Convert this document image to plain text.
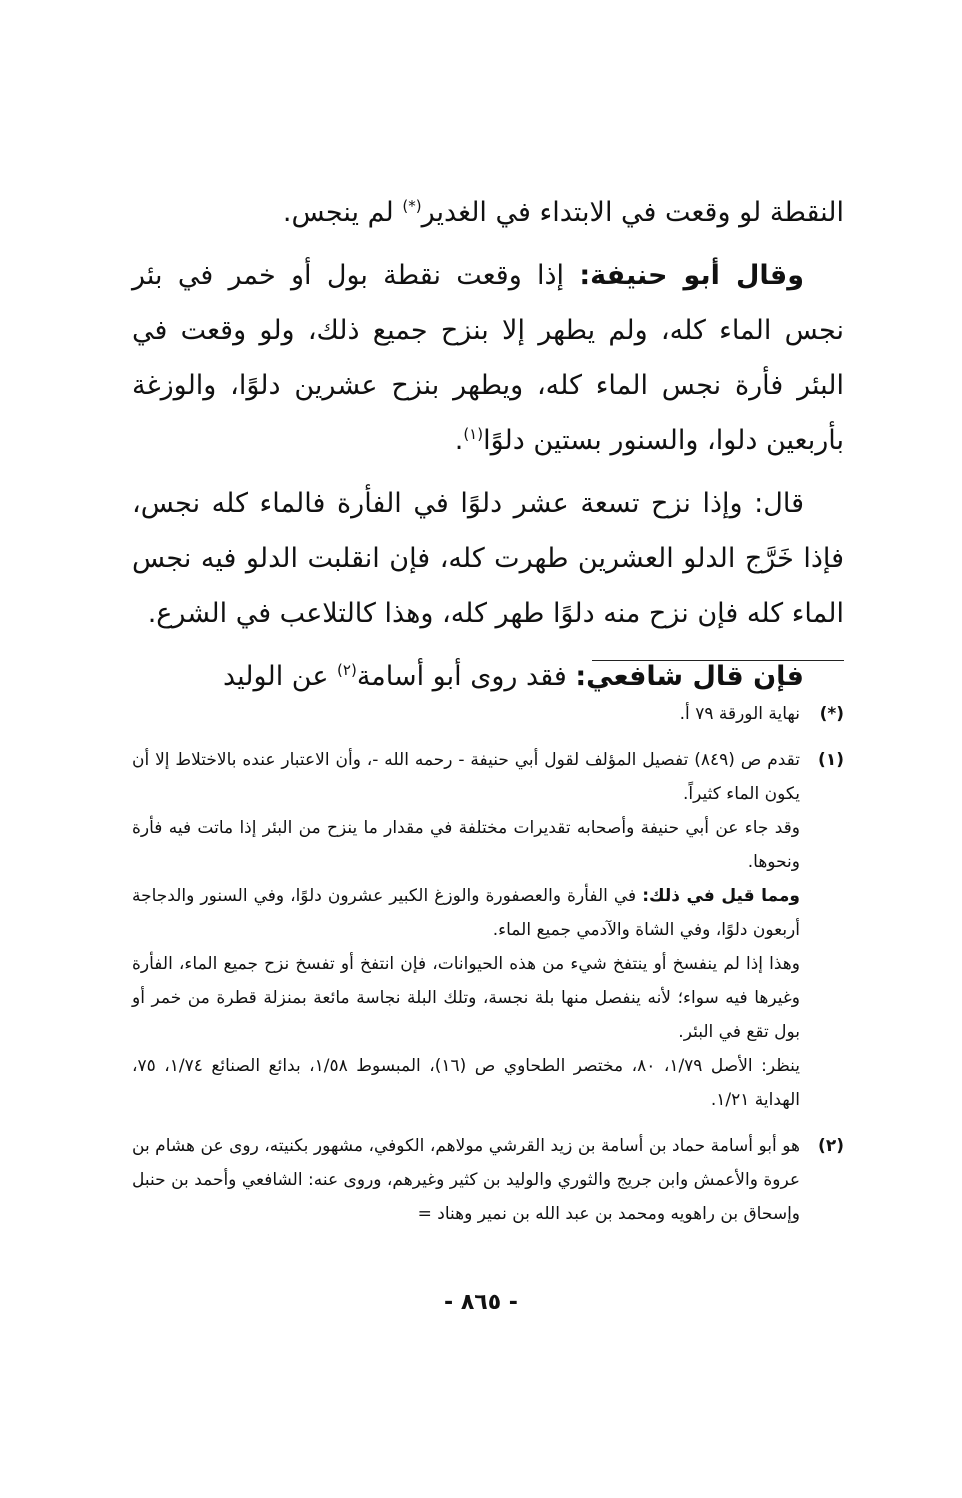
النقطة لو وقعت في الابتداء في الغدير(*) لم ينجس.

وقال أبو حنيفة: إذا وقعت نقطة بول أو خمر في بئر نجس الماء كله، ولم يطهر إلا بنزح جميع ذلك، ولو وقعت في البئر فأرة نجس الماء كله، ويطهر بنزح عشرين دلوًا، والوزغة بأربعين دلوا، والسنور بستين دلوًا$^{(١)}$.

قال: وإذا نزح تسعة عشر دلوًا في الفأرة فالماء كله نجس، فإذا خَرَّج الدلو العشرين طهرت كله، فإن انقلبت الدلو فيه نجس الماء كله فإن نزح منه دلوًا طهر كله، وهذا كالتلاعب في الشرع.

فإن قال شافعي: فقد روى أبو أسامة$^{(٢)}$ عن الوليد

(*)

نهاية الورقة ٧٩ أ.

(١)

تقدم ص (٨٤٩) تفصيل المؤلف لقول أبي حنيفة - رحمه الله -، وأن الاعتبار عنده بالاختلاط إلا أن يكون الماء كثيراً.

وقد جاء عن أبي حنيفة وأصحابه تقديرات مختلفة في مقدار ما ينزح من البئر إذا ماتت فيه فأرة ونحوها.

ومما قيل في ذلك: في الفأرة والعصفورة والوزغ الكبير عشرون دلوًا، وفي السنور والدجاجة أربعون دلوًا، وفي الشاة والآدمي جميع الماء.

وهذا إذا لم ينفسخ أو ينتفخ شيء من هذه الحيوانات، فإن انتفخ أو تفسخ نزح جميع الماء، الفأرة وغيرها فيه سواء؛ لأنه ينفصل منها بلة نجسة، وتلك البلة نجاسة مائعة بمنزلة قطرة من خمر أو بول تقع في البئر.

ينظر: الأصل ١/٧٩، ٨٠، مختصر الطحاوي ص (١٦)، المبسوط ١/٥٨، بدائع الصنائع ١/٧٤، ٧٥، الهداية ١/٢١.

(٢)

هو أبو أسامة حماد بن أسامة بن زيد القرشي مولاهم، الكوفي، مشهور بكنيته، روى عن هشام بن عروة والأعمش وابن جريج والثوري والوليد بن كثير وغيرهم، وروى عنه: الشافعي وأحمد بن حنبل وإسحاق بن راهويه ومحمد بن عبد الله بن نمير وهناد =

- ٨٦٥ -
